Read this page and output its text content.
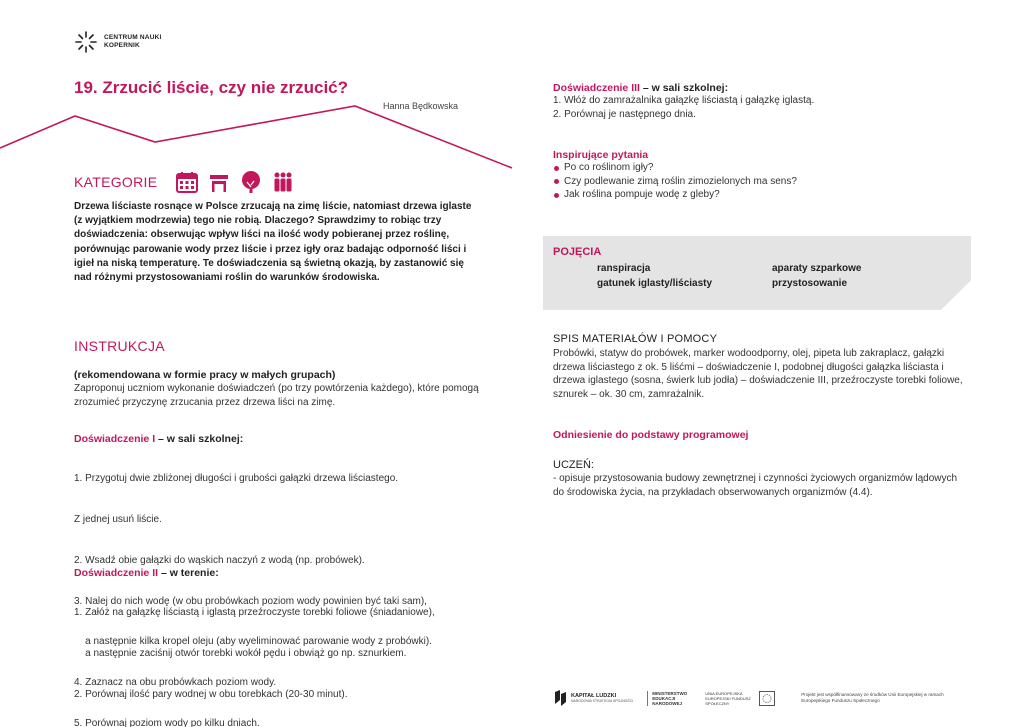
CENTRUM NAUKI
KOPERNIK
19. Zrzucić liście, czy nie zrzucić?
Hanna Będkowska
KATEGORIE
Drzewa liściaste rosnące w Polsce zrzucają na zimę liście, natomiast drzewa iglaste (z wyjątkiem modrzewia) tego nie robią. Dlaczego? Sprawdzimy to robiąc trzy doświadczenia: obserwując wpływ liści na ilość wody pobieranej przez roślinę, porównując parowanie wody przez liście i przez igły oraz badając odporność liści i igieł na niską temperaturę. Te doświadczenia są świetną okazją, by zastanowić się nad różnymi przystosowaniami roślin do warunków środowiska.
INSTRUKCJA
(rekomendowana w formie pracy w małych grupach)
Zaproponuj uczniom wykonanie doświadczeń (po trzy powtórzenia każdego), które pomogą zrozumieć przyczynę zrzucania przez drzewa liści na zimę.
Doświadczenie I – w sali szkolnej:

1. Przygotuj dwie zbliżonej długości i grubości gałązki drzewa liściastego.

Z jednej usuń liście.

2. Wsadź obie gałązki do wąskich naczyń z wodą (np. probówek).

3. Nalej do nich wodę (w obu probówkach poziom wody powinien być taki sam),

a następnie kilka kropel oleju (aby wyeliminować parowanie wody z probówki).

4. Zaznacz na obu probówkach poziom wody.

5. Porównaj poziom wody po kilku dniach.

Doświadczenie II – w terenie:

1. Załóż na gałązkę liściastą i iglastą przeźroczyste torebki foliowe (śniadaniowe),

a następnie zaciśnij otwór torebki wokół pędu i obwiąż go np. sznurkiem.

2. Porównaj ilość pary wodnej w obu torebkach (20-30 minut).

Doświadczenie III – w sali szkolnej:
1. Włóż do zamrażalnika gałązkę liściastą i gałązkę iglastą.
2. Porównaj je następnego dnia.
Inspirujące pytania
Po co roślinom igły?
Czy podlewanie zimą roślin zimozielonych ma sens?
Jak roślina pompuje wodę z gleby?
POJĘCIA
ranspiracja	aparaty szparkowe
gatunek iglasty/liściasty	przystosowanie
SPIS MATERIAŁÓW I POMOCY
Probówki, statyw do probówek, marker wodoodporny, olej, pipeta lub zakraplacz, gałązki drzewa liściastego z ok. 5 liśćmi – doświadczenie I, podobnej długości gałązka liściasta i drzewa iglastego (sosna, świerk lub jodła) – doświadczenie III, przeźroczyste torebki foliowe, sznurek – ok. 30 cm, zamrażalnik.
Odniesienie do podstawy programowej
UCZEŃ:
- opisuje przystosowania budowy zewnętrznej i czynności życiowych organizmów lądowych do środowiska życia, na przykładach obserwowanych organizmów (4.4).
KAPITAŁ LUDZKI
NARODOWA STRATEGIA SPÓJNOŚCI
MINISTERSTWO EDUKACJI NARODOWEJ
UNIA EUROPEJSKA EUROPEJSKI FUNDUSZ SPOŁECZNY
Projekt jest współfinansowany ze środków Unii Europejskiej w ramach Europejskiego Funduszu Społecznego
